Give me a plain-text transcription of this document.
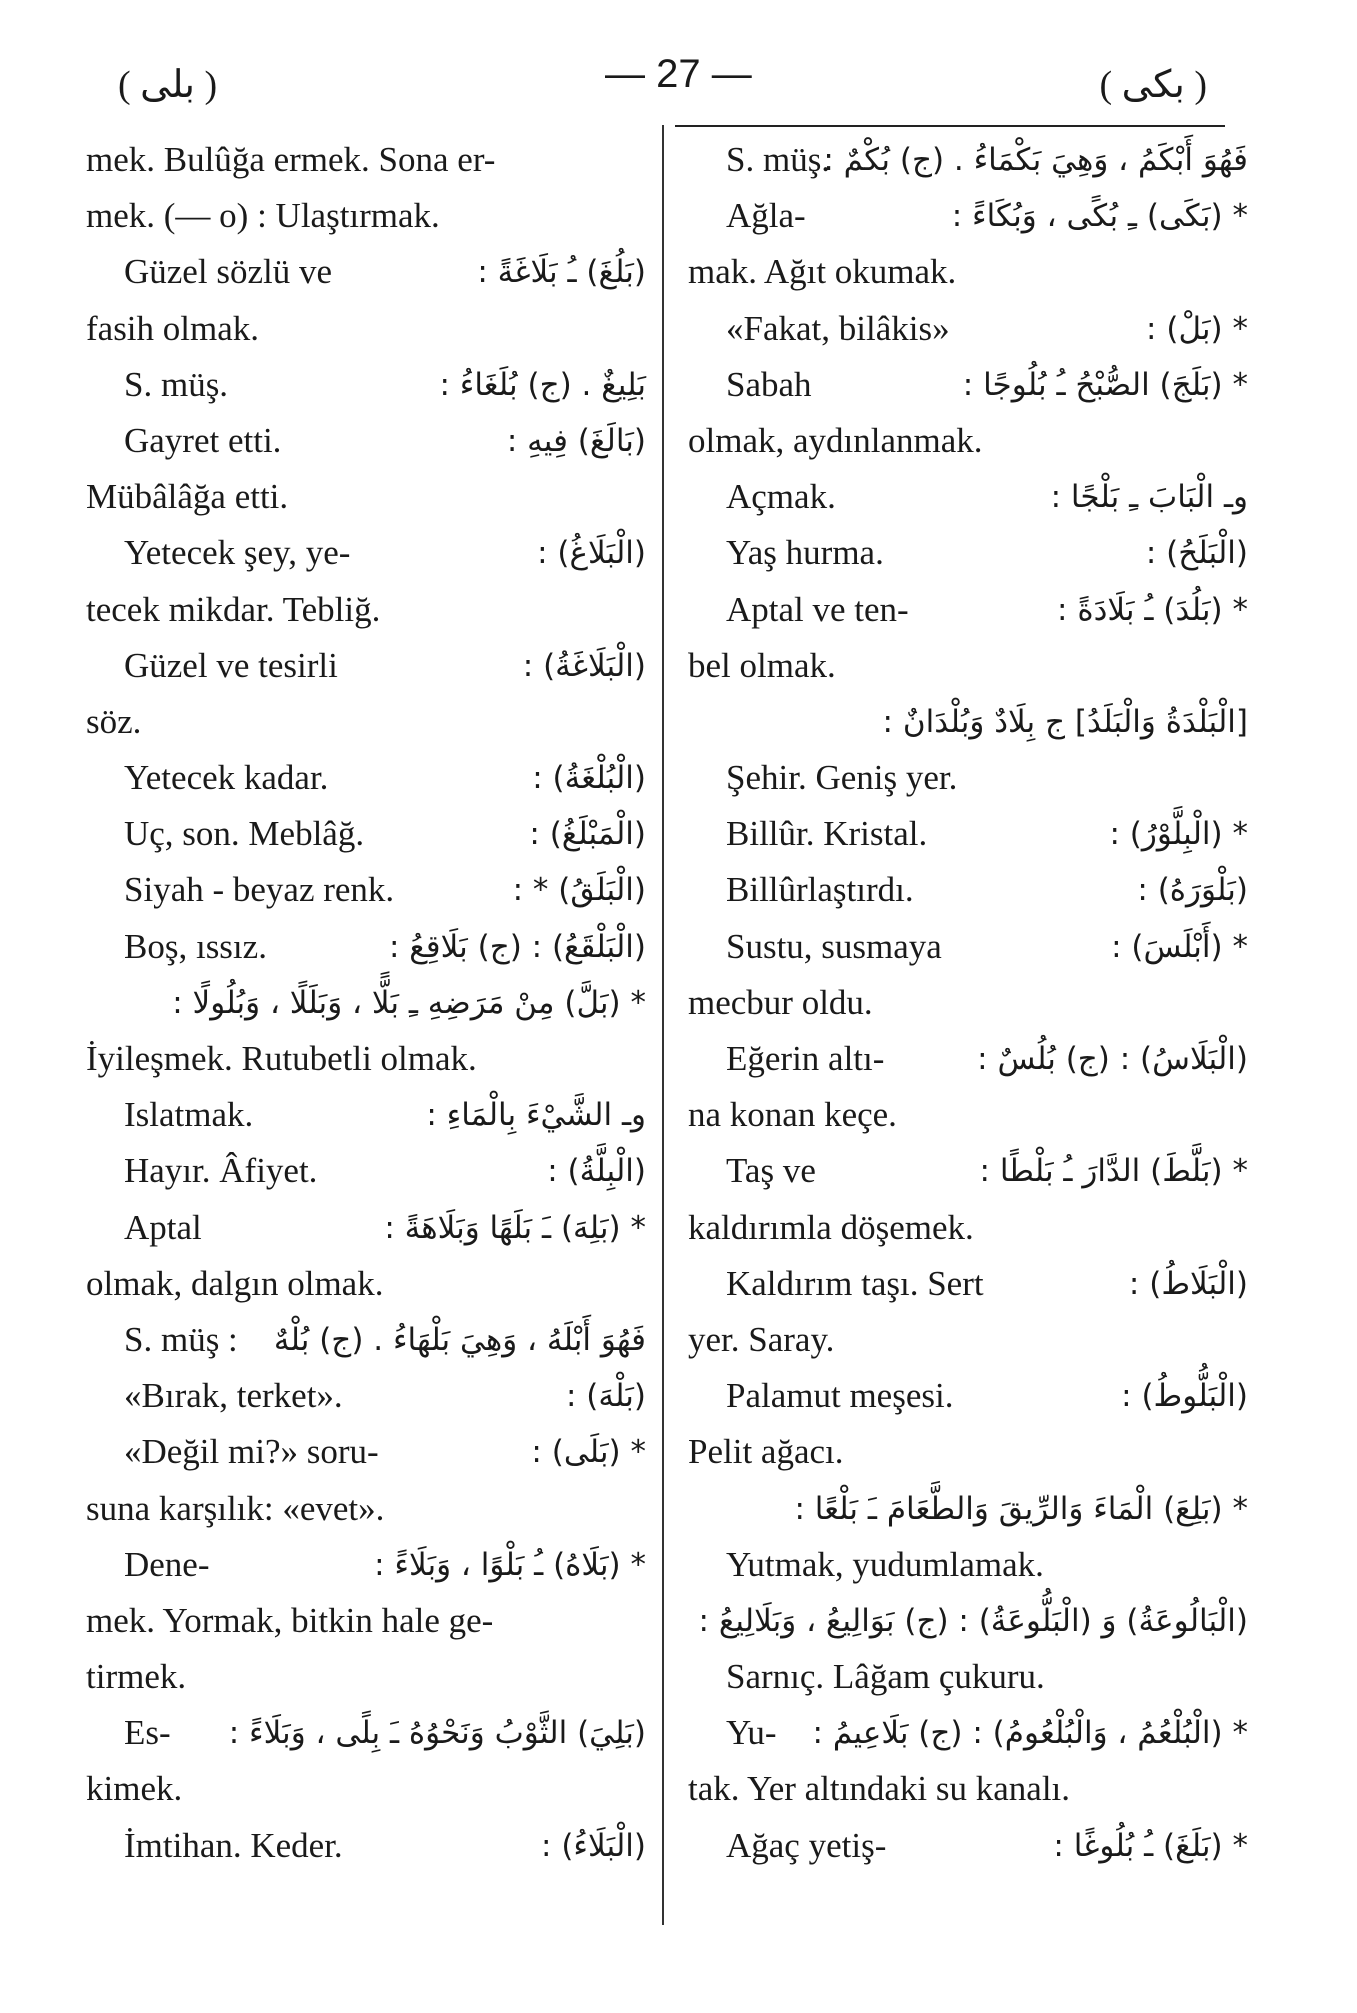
( بلى )	— 27 —	( بكى )
mek. Bulûğa ermek. Sona er-
mek. (— o) : Ulaştırmak.
Güzel sözlü ve	(بَلُغَ) ـُ بَلَاغَةً :
fasih olmak.
S. müş.	بَلِيغٌ . (ج) بُلَغَاءُ :
Gayret etti.	(بَالَغَ) فِيهِ :
Mübâlâğa etti.
Yetecek şey, ye-	(الْبَلَاغُ) :
tecek mikdar. Tebliğ.
Güzel ve tesirli	(الْبَلَاغَةُ) :
söz.
Yetecek kadar.	(الْبُلْغَةُ) :
Uç, son. Meblâğ.	(الْمَبْلَغُ) :
Siyah - beyaz renk.	(الْبَلَقُ) * :
Boş, ıssız.	(الْبَلْقَعُ) : (ج) بَلَاقِعُ :
* (بَلَّ) مِنْ مَرَضِهِ ـِ بَلًّا ، وَبَلَلًا ، وَبُلُولًا :
İyileşmek. Rutubetli olmak.
Islatmak.	وـ الشَّيْءَ بِالْمَاءِ :
Hayır. Âfiyet.	(الْبِلَّةُ) :
Aptal	* (بَلِهَ) ـَ بَلَهًا وَبَلَاهَةً :
olmak, dalgın olmak.
S. müş : فَهُوَ أَبْلَهُ ، وَهِيَ بَلْهَاءُ . (ج) بُلْهٌ
«Bırak, terket».	(بَلْهَ) :
«Değil mi?» soru-	* (بَلَى) :
suna karşılık: «evet».
Dene-	* (بَلَاهُ) ـُ بَلْوًا ، وَبَلَاءً :
mek. Yormak, bitkin hale ge-
tirmek.
Es- (بَلِيَ) الثَّوْبُ وَنَحْوُهُ ـَ بِلًى ، وَبَلَاءً :
kimek.
İmtihan. Keder.	(الْبَلَاءُ) :
S. müş.
فَهُوَ أَبْكَمُ ، وَهِيَ بَكْمَاءُ . (ج) بُكْمٌ :
Ağla-	* (بَكَى) ـِ بُكًى ، وَبُكَاءً :
mak. Ağıt okumak.
«Fakat, bilâkis»	* (بَلْ) :
Sabah	* (بَلَجَ) الصُّبْحُ ـُ بُلُوجًا :
olmak, aydınlanmak.
Açmak.	وـ الْبَابَ ـِ بَلْجًا :
Yaş hurma.	(الْبَلَحُ) :
Aptal ve ten-	* (بَلُدَ) ـُ بَلَادَةً :
bel olmak.
[الْبَلْدَةُ وَالْبَلَدُ] ج بِلَادٌ وَبُلْدَانٌ :
Şehir. Geniş yer.
Billûr. Kristal.	* (الْبِلَّوْرُ) :
Billûrlaştırdı.	(بَلْوَرَهُ) :
Sustu, susmaya	* (أَبْلَسَ) :
mecbur oldu.
Eğerin altı-	(الْبَلَاسُ) : (ج) بُلُسٌ :
na konan keçe.
Taş ve	* (بَلَّطَ) الدَّارَ ـُ بَلْطًا :
kaldırımla döşemek.
Kaldırım taşı. Sert	(الْبَلَاطُ) :
yer. Saray.
Palamut meşesi.	(الْبَلُّوطُ) :
Pelit ağacı.
* (بَلِعَ) الْمَاءَ وَالرِّيقَ وَالطَّعَامَ ـَ بَلْعًا :
Yutmak, yudumlamak.
(الْبَالُوعَةُ) وَ (الْبَلُّوعَةُ) : (ج) بَوَالِيعُ ، وَبَلَالِيعُ :
Sarnıç. Lâğam çukuru.
Yu- * (الْبُلْعُمُ ، وَالْبُلْعُومُ) : (ج) بَلَاعِيمُ :
tak. Yer altındaki su kanalı.
Ağaç yetiş-	* (بَلَغَ) ـُ بُلُوغًا :
